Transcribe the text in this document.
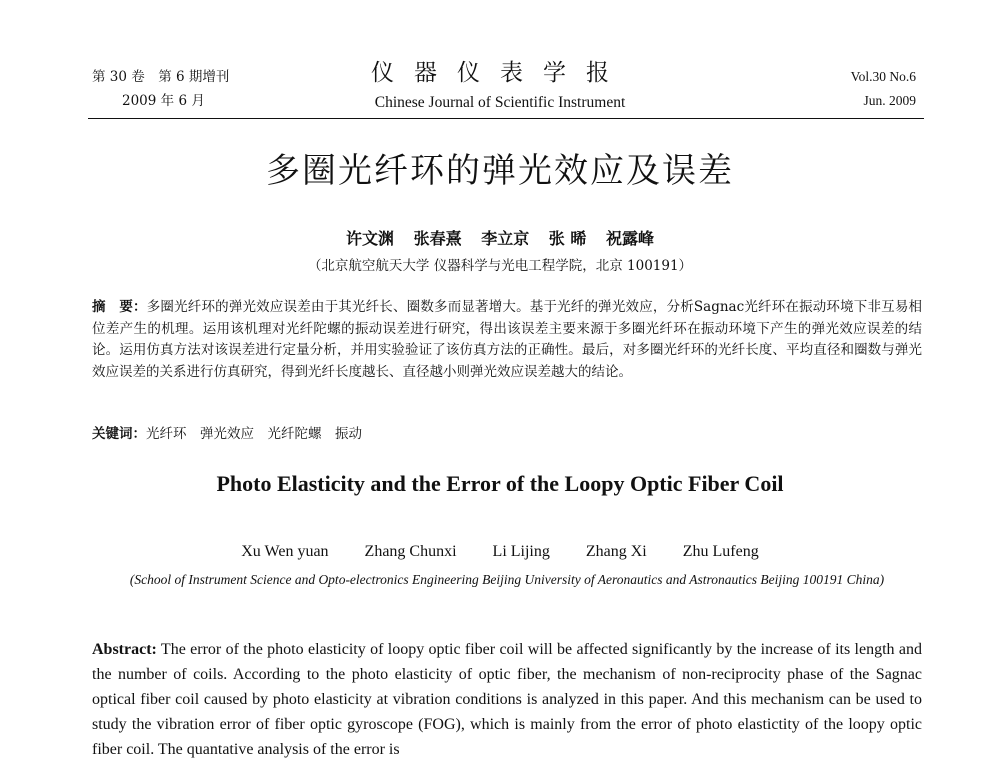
第 30 卷　第 6 期增刊
2009 年 6 月
仪器仪表学报
Chinese Journal of Scientific Instrument
Vol.30 No.6
Jun. 2009
多圈光纤环的弹光效应及误差
许文渊 张春熹 李立京 张 晞 祝露峰
（北京航空航天大学 仪器科学与光电工程学院，北京 100191）
摘　要：多圈光纤环的弹光效应误差由于其光纤长、圈数多而显著增大。基于光纤的弹光效应，分析Sagnac光纤环在振动环境下非互易相位差产生的机理。运用该机理对光纤陀螺的振动误差进行研究，得出该误差主要来源于多圈光纤环在振动环境下产生的弹光效应误差的结论。运用仿真方法对该误差进行定量分析，并用实验验证了该仿真方法的正确性。最后，对多圈光纤环的光纤长度、平均直径和圈数与弹光效应误差的关系进行仿真研究，得到光纤长度越长、直径越小则弹光效应误差越大的结论。
关键词：光纤环　弹光效应　光纤陀螺　振动
Photo Elasticity and the Error of the Loopy Optic Fiber Coil
Xu Wen yuan Zhang Chunxi Li Lijing Zhang Xi Zhu Lufeng
(School of Instrument Science and Opto-electronics Engineering Beijing University of Aeronautics and Astronautics Beijing 100191 China)
Abstract: The error of the photo elasticity of loopy optic fiber coil will be affected significantly by the increase of its length and the number of coils. According to the photo elasticity of optic fiber, the mechanism of non-reciprocity phase of the Sagnac optical fiber coil caused by photo elasticity at vibration conditions is analyzed in this paper. And this mechanism can be used to study the vibration error of fiber optic gyroscope (FOG), which is mainly from the error of photo elastictity of the loopy optic fiber coil. The quantative analysis of the error is
